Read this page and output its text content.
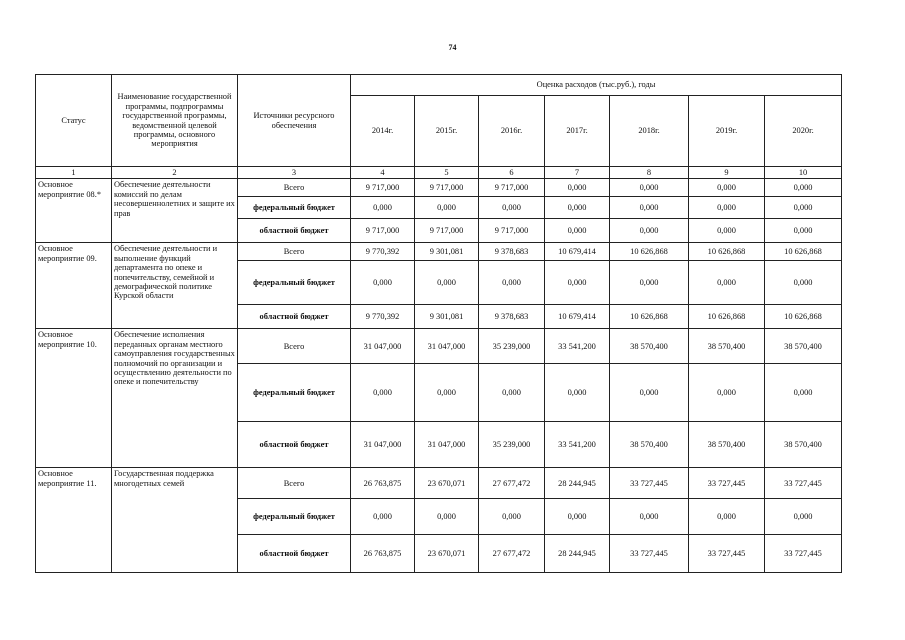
74
Статус	Наименование государственной программы, подпрограммы государственной программы, ведомственной целевой программы, основного мероприятия	Источники ресурсного обеспечения	Оценка расходов (тыс.руб.), годы						
			2014г.	2015г.	2016г.	2017г.	2018г.	2019г.	2020г.
1	2	3	4	5	6	7	8	9	10
Основное мероприятие 08.*	Обеспечение деятельности комиссий по делам несовершеннолетних и защите их прав	Всего	9 717,000	9 717,000	9 717,000	0,000	0,000	0,000	0,000
		федеральный бюджет	0,000	0,000	0,000	0,000	0,000	0,000	0,000
		областной бюджет	9 717,000	9 717,000	9 717,000	0,000	0,000	0,000	0,000
Основное мероприятие 09.	Обеспечение деятельности и выполнение функций департамента по опеке и попечительству, семейной и демографической политике Курской области	Всего	9 770,392	9 301,081	9 378,683	10 679,414	10 626,868	10 626,868	10 626,868
		федеральный бюджет	0,000	0,000	0,000	0,000	0,000	0,000	0,000
		областной бюджет	9 770,392	9 301,081	9 378,683	10 679,414	10 626,868	10 626,868	10 626,868
Основное мероприятие 10.	Обеспечение исполнения переданных органам местного самоуправления государственных полномочий по организации и осуществлению деятельности по опеке и попечительству	Всего	31 047,000	31 047,000	35 239,000	33 541,200	38 570,400	38 570,400	38 570,400
		федеральный бюджет	0,000	0,000	0,000	0,000	0,000	0,000	0,000
		областной бюджет	31 047,000	31 047,000	35 239,000	33 541,200	38 570,400	38 570,400	38 570,400
Основное мероприятие 11.	Государственная поддержка многодетных семей	Всего	26 763,875	23 670,071	27 677,472	28 244,945	33 727,445	33 727,445	33 727,445
		федеральный бюджет	0,000	0,000	0,000	0,000	0,000	0,000	0,000
		областной бюджет	26 763,875	23 670,071	27 677,472	28 244,945	33 727,445	33 727,445	33 727,445
